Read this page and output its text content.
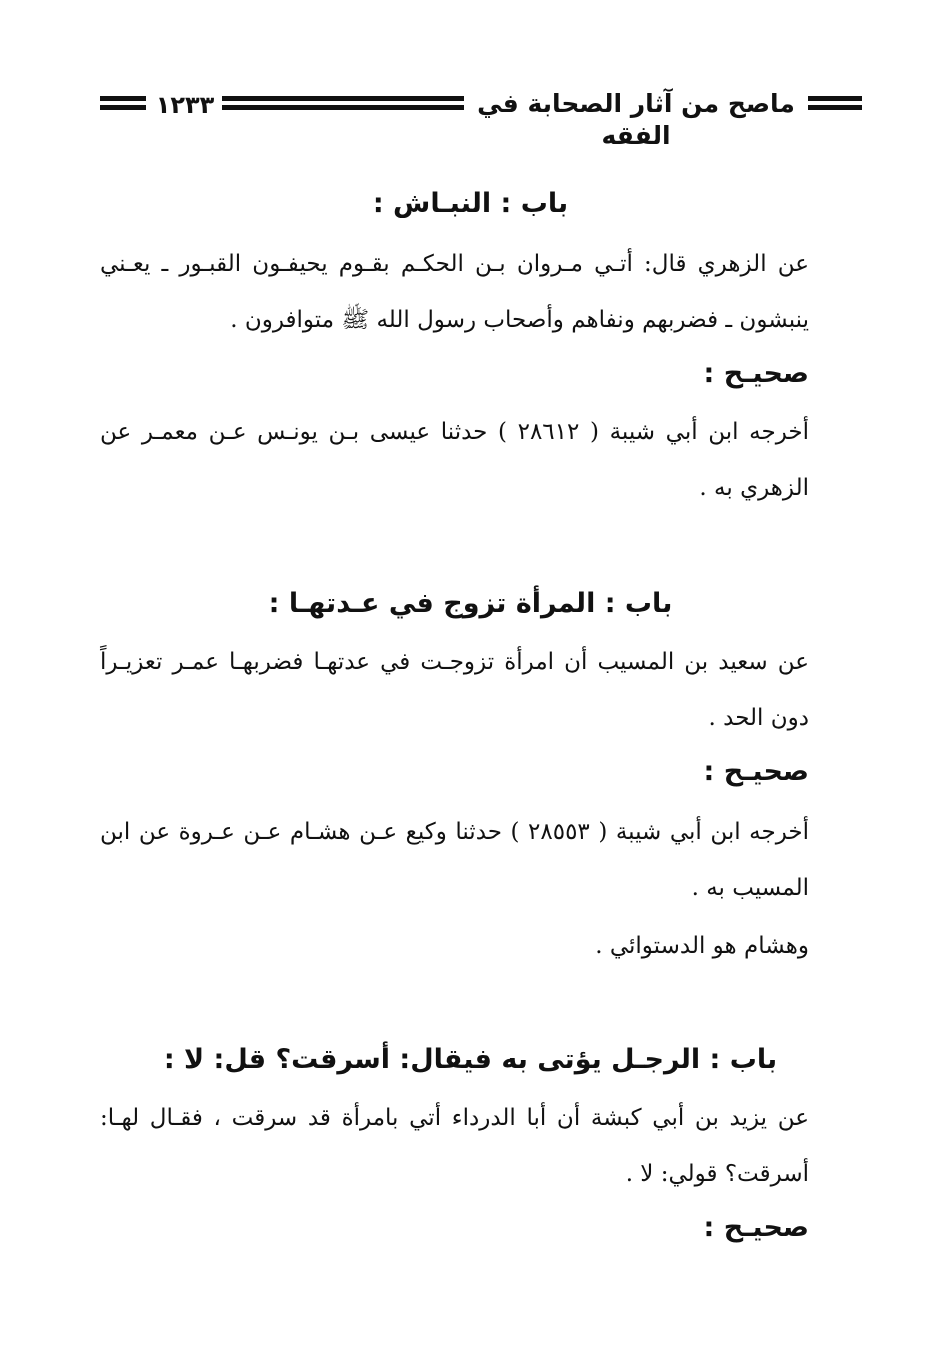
١٢٣٣	ماصح من آثار الصحابة في الفقه
باب : النبـاش :
عن الزهري قال: أتـي مـروان بـن الحكـم بقـوم يحيفـون القبـور ـ يعـني ينبشون ـ فضربهم ونفاهم وأصحاب رسول الله ﷺ متوافرون .
صحيـح :
أخرجه ابن أبي شيبة ( ٢٨٦١٢ ) حدثنا عيسى بـن يونـس عـن معمـر عن الزهري به .
باب : المرأة تزوج في عـدتهـا :
عن سعيد بن المسيب أن امرأة تزوجـت في عدتهـا فضربهـا عمـر تعزيـراً دون الحد .
صحيـح :
أخرجه ابن أبي شيبة ( ٢٨٥٥٣ ) حدثنا وكيع عـن هشـام عـن عـروة عن ابن المسيب به .
وهشام هو الدستوائي .
باب : الرجـل يؤتى به فيقال: أسرقت؟ قل: لا :
عن يزيد بن أبي كبشة أن أبا الدرداء أتي بامرأة قد سرقت ، فقـال لهـا: أسرقت؟ قولي: لا .
صحيـح :
